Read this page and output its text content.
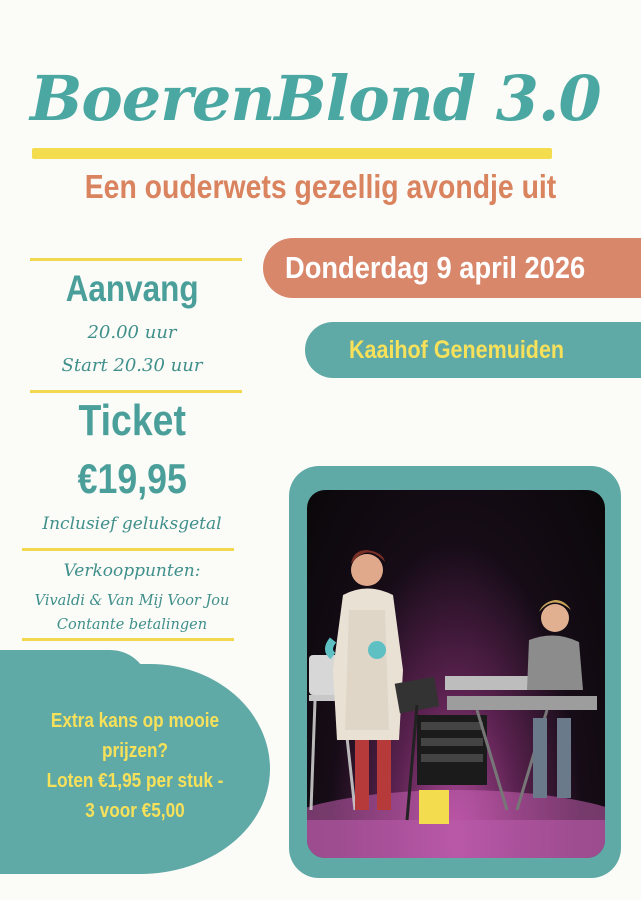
BoerenBlond 3.0
Een ouderwets gezellig avondje uit
Donderdag 9 april 2026
Kaaihof Genemuiden
Aanvang
20.00 uur
Start 20.30 uur
Ticket
€19,95
Inclusief geluksgetal
Verkooppunten:
Vivaldi & Van Mij Voor Jou
Contante betalingen
Extra kans op mooie
prijzen?
Loten €1,95 per stuk -
3 voor €5,00
